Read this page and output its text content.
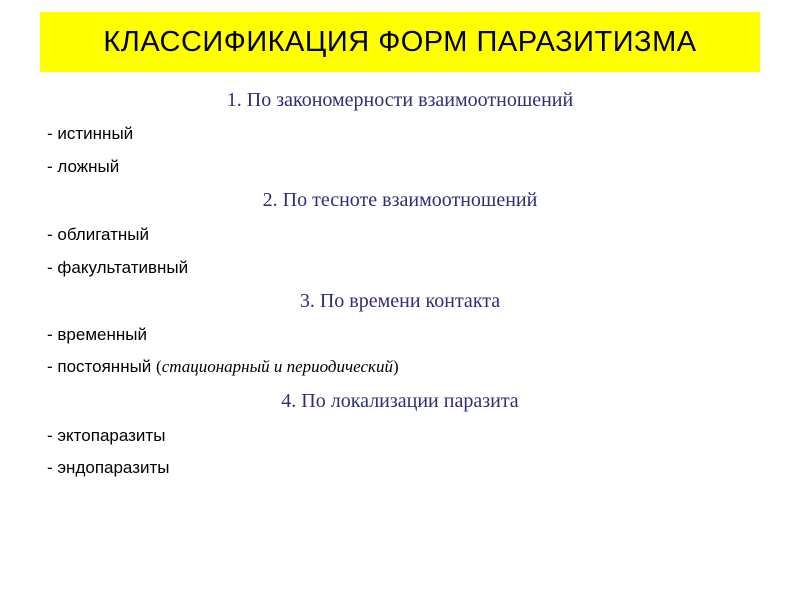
КЛАССИФИКАЦИЯ ФОРМ ПАРАЗИТИЗМА
1. По закономерности взаимоотношений
- истинный
- ложный
2. По тесноте взаимоотношений
- облигатный
- факультативный
3. По времени контакта
- временный
- постоянный (стационарный и периодический)
4. По локализации паразита
- эктопаразиты
- эндопаразиты
